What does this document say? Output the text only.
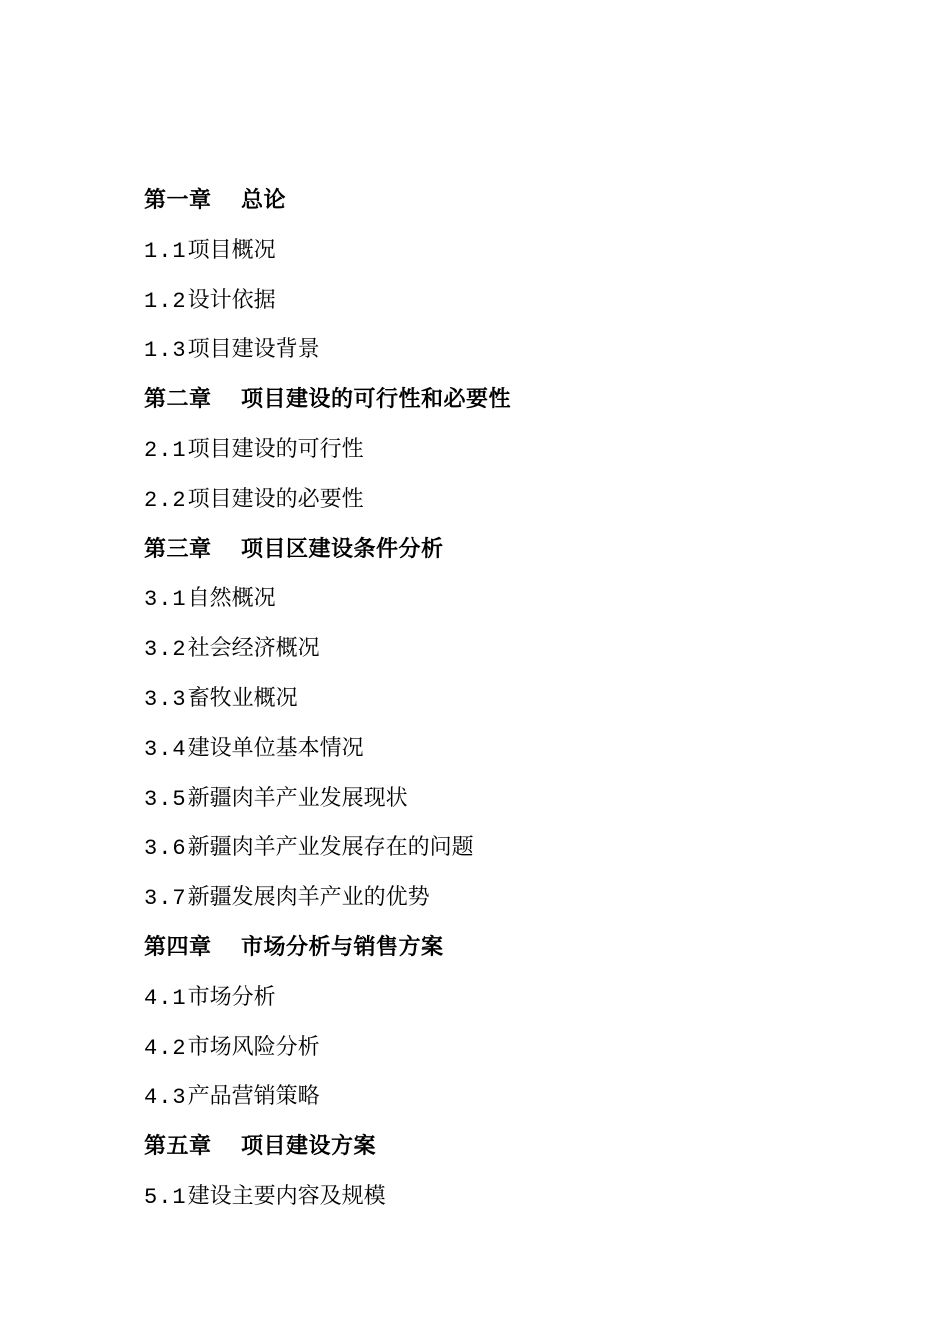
第一章 总论
1.1项目概况
1.2设计依据
1.3项目建设背景
第二章 项目建设的可行性和必要性
2.1项目建设的可行性
2.2项目建设的必要性
第三章 项目区建设条件分析
3.1自然概况
3.2社会经济概况
3.3畜牧业概况
3.4建设单位基本情况
3.5新疆肉羊产业发展现状
3.6新疆肉羊产业发展存在的问题
3.7新疆发展肉羊产业的优势
第四章 市场分析与销售方案
4.1市场分析
4.2市场风险分析
4.3产品营销策略
第五章 项目建设方案
5.1建设主要内容及规模
